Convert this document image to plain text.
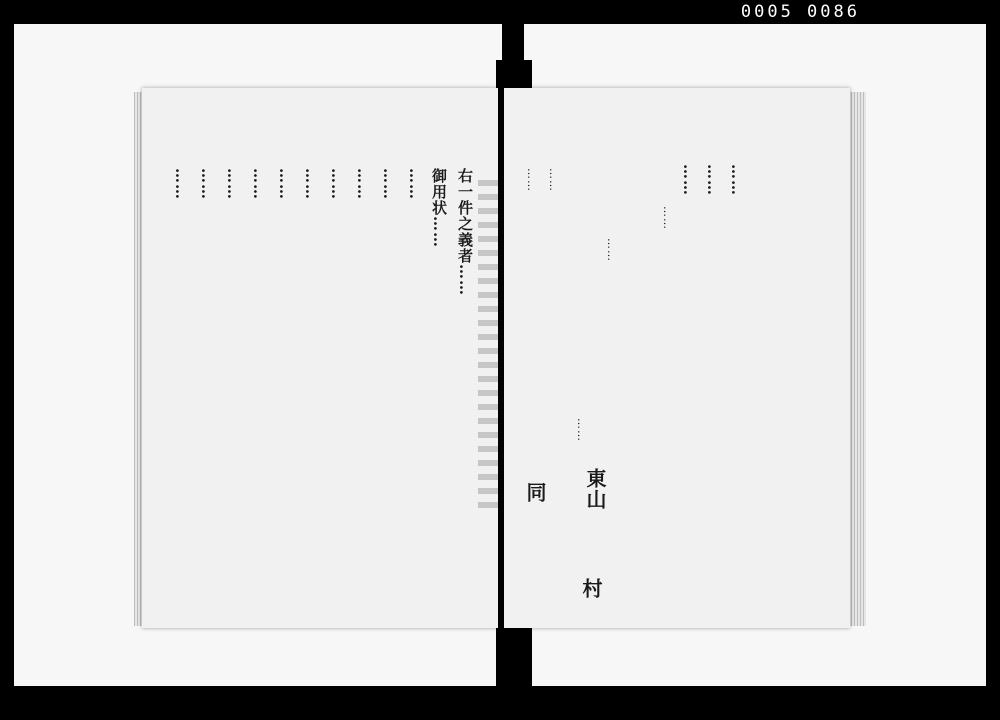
0005 0086
右一件之義者……
御用状……
……
……
……
……
……
……
……
……
……
……	……
……
……
……
……
……
…… ……
東山
村
同
